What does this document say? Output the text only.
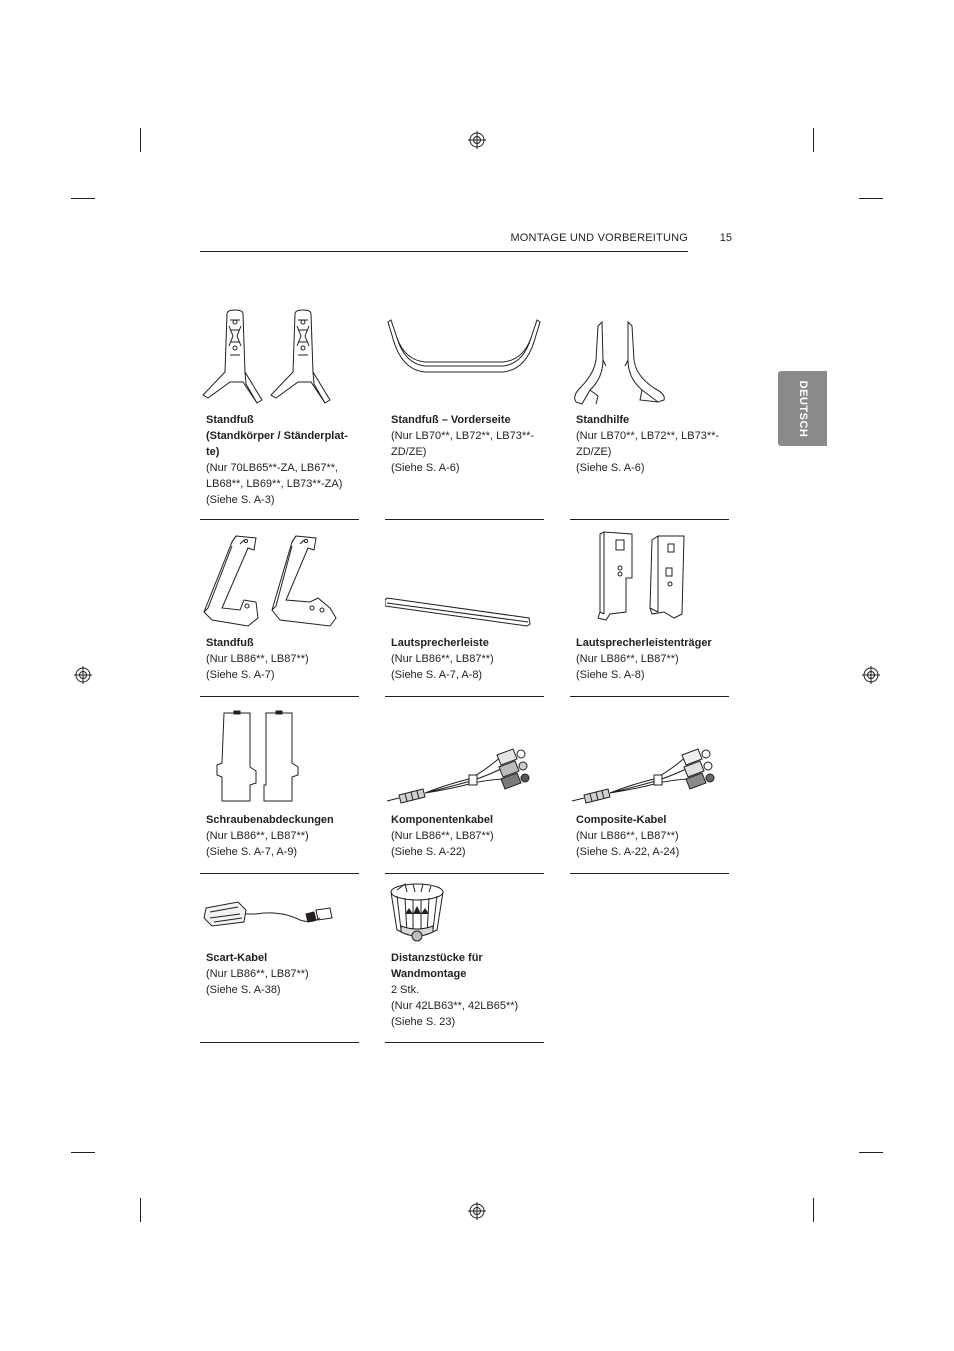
MONTAGE UND VORBEREITUNG	15
DEUTSCH
Standfuß
(Standkörper / Ständerplat-
te)
(Nur 70LB65**-ZA, LB67**,
LB68**, LB69**, LB73**-ZA)
(Siehe S. A-3)
Standfuß – Vorderseite
(Nur LB70**, LB72**, LB73**-
ZD/ZE)
(Siehe S. A-6)
Standhilfe
(Nur LB70**, LB72**, LB73**-
ZD/ZE)
(Siehe S. A-6)
Standfuß
(Nur LB86**, LB87**)
(Siehe S. A-7)
Lautsprecherleiste
(Nur LB86**, LB87**)
(Siehe S. A-7, A-8)
Lautsprecherleistenträger
(Nur LB86**, LB87**)
(Siehe S. A-8)
Schraubenabdeckungen
(Nur LB86**, LB87**)
(Siehe S. A-7, A-9)
Komponentenkabel
(Nur LB86**, LB87**)
(Siehe S. A-22)
Composite-Kabel
(Nur LB86**, LB87**)
(Siehe S. A-22, A-24)
Scart-Kabel
(Nur LB86**, LB87**)
(Siehe S. A-38)
Distanzstücke für
Wandmontage
2 Stk.
(Nur 42LB63**, 42LB65**)
(Siehe S. 23)
